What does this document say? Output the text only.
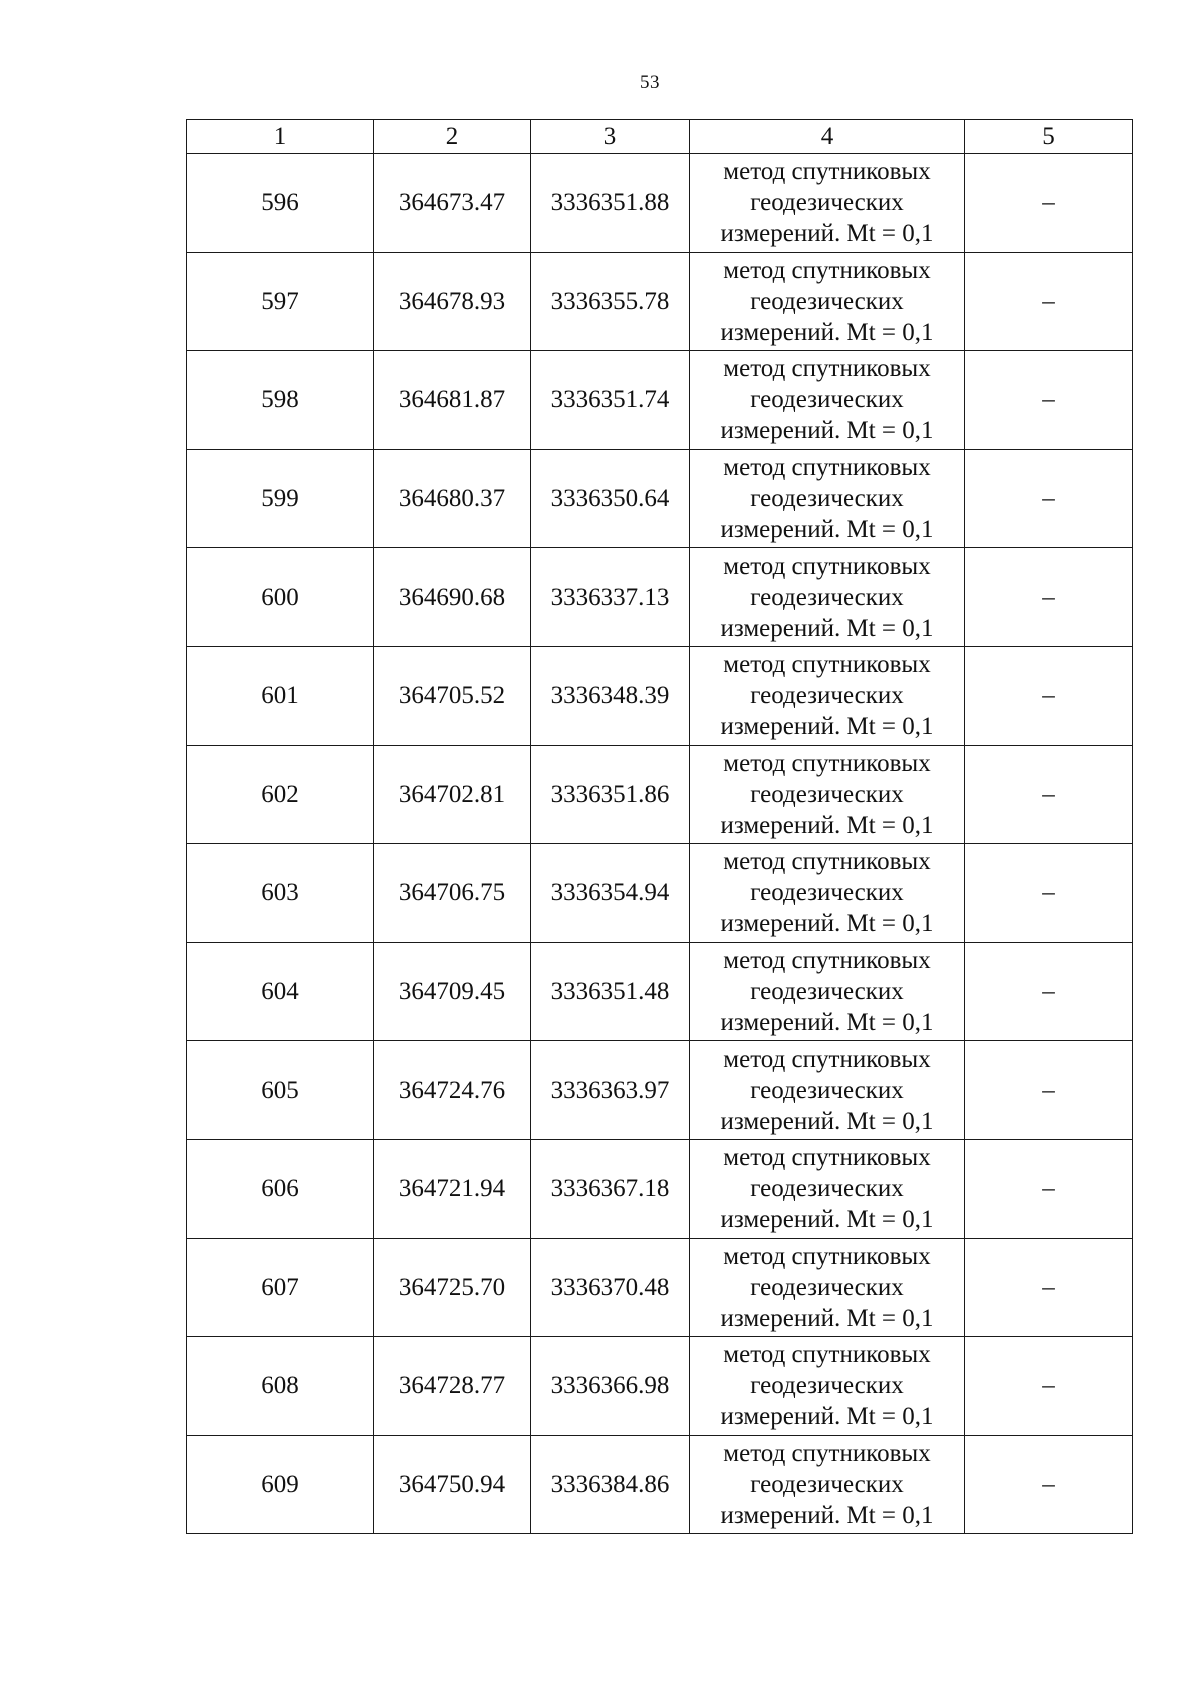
53
1	2	3	4	5
596	364673.47	3336351.88	метод спутниковых
геодезических
измерений. Mt = 0,1	–
597	364678.93	3336355.78	метод спутниковых
геодезических
измерений. Mt = 0,1	–
598	364681.87	3336351.74	метод спутниковых
геодезических
измерений. Mt = 0,1	–
599	364680.37	3336350.64	метод спутниковых
геодезических
измерений. Mt = 0,1	–
600	364690.68	3336337.13	метод спутниковых
геодезических
измерений. Mt = 0,1	–
601	364705.52	3336348.39	метод спутниковых
геодезических
измерений. Mt = 0,1	–
602	364702.81	3336351.86	метод спутниковых
геодезических
измерений. Mt = 0,1	–
603	364706.75	3336354.94	метод спутниковых
геодезических
измерений. Mt = 0,1	–
604	364709.45	3336351.48	метод спутниковых
геодезических
измерений. Mt = 0,1	–
605	364724.76	3336363.97	метод спутниковых
геодезических
измерений. Mt = 0,1	–
606	364721.94	3336367.18	метод спутниковых
геодезических
измерений. Mt = 0,1	–
607	364725.70	3336370.48	метод спутниковых
геодезических
измерений. Mt = 0,1	–
608	364728.77	3336366.98	метод спутниковых
геодезических
измерений. Mt = 0,1	–
609	364750.94	3336384.86	метод спутниковых
геодезических
измерений. Mt = 0,1	–
